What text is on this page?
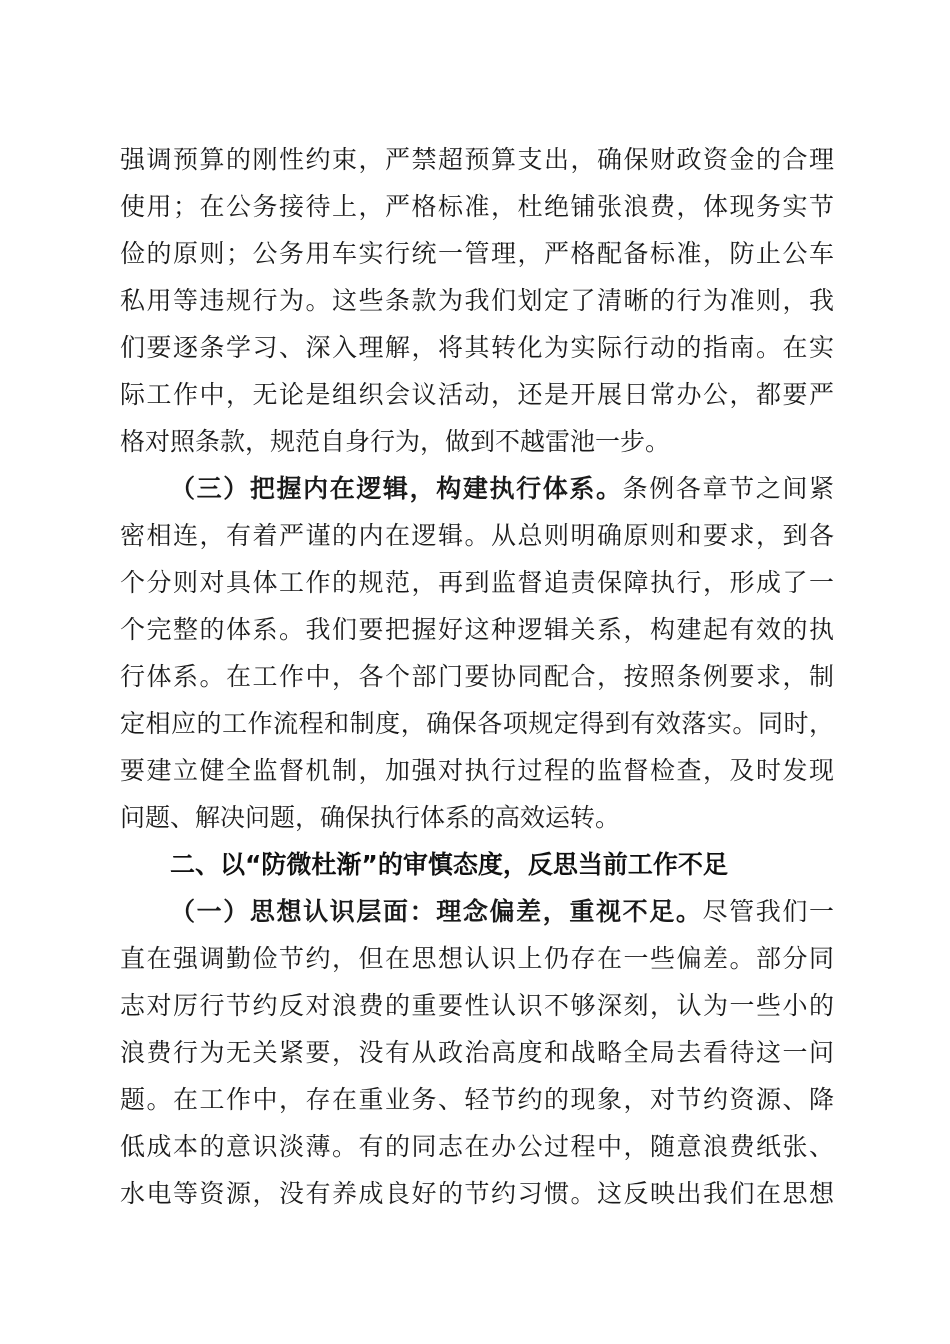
强调预算的刚性约束，严禁超预算支出，确保财政资金的合理

使用；在公务接待上，严格标准，杜绝铺张浪费，体现务实节

俭的原则；公务用车实行统一管理，严格配备标准，防止公车

私用等违规行为。这些条款为我们划定了清晰的行为准则，我

们要逐条学习、深入理解，将其转化为实际行动的指南。在实

际工作中，无论是组织会议活动，还是开展日常办公，都要严

格对照条款，规范自身行为，做到不越雷池一步。

（三）把握内在逻辑，构建执行体系。条例各章节之间紧

密相连，有着严谨的内在逻辑。从总则明确原则和要求，到各

个分则对具体工作的规范，再到监督追责保障执行，形成了一

个完整的体系。我们要把握好这种逻辑关系，构建起有效的执

行体系。在工作中，各个部门要协同配合，按照条例要求，制

定相应的工作流程和制度，确保各项规定得到有效落实。同时，

要建立健全监督机制，加强对执行过程的监督检查，及时发现

问题、解决问题，确保执行体系的高效运转。

二、以“防微杜渐”的审慎态度，反思当前工作不足

（一）思想认识层面：理念偏差，重视不足。尽管我们一

直在强调勤俭节约，但在思想认识上仍存在一些偏差。部分同

志对厉行节约反对浪费的重要性认识不够深刻，认为一些小的

浪费行为无关紧要，没有从政治高度和战略全局去看待这一问

题。在工作中，存在重业务、轻节约的现象，对节约资源、降

低成本的意识淡薄。有的同志在办公过程中，随意浪费纸张、

水电等资源，没有养成良好的节约习惯。这反映出我们在思想
